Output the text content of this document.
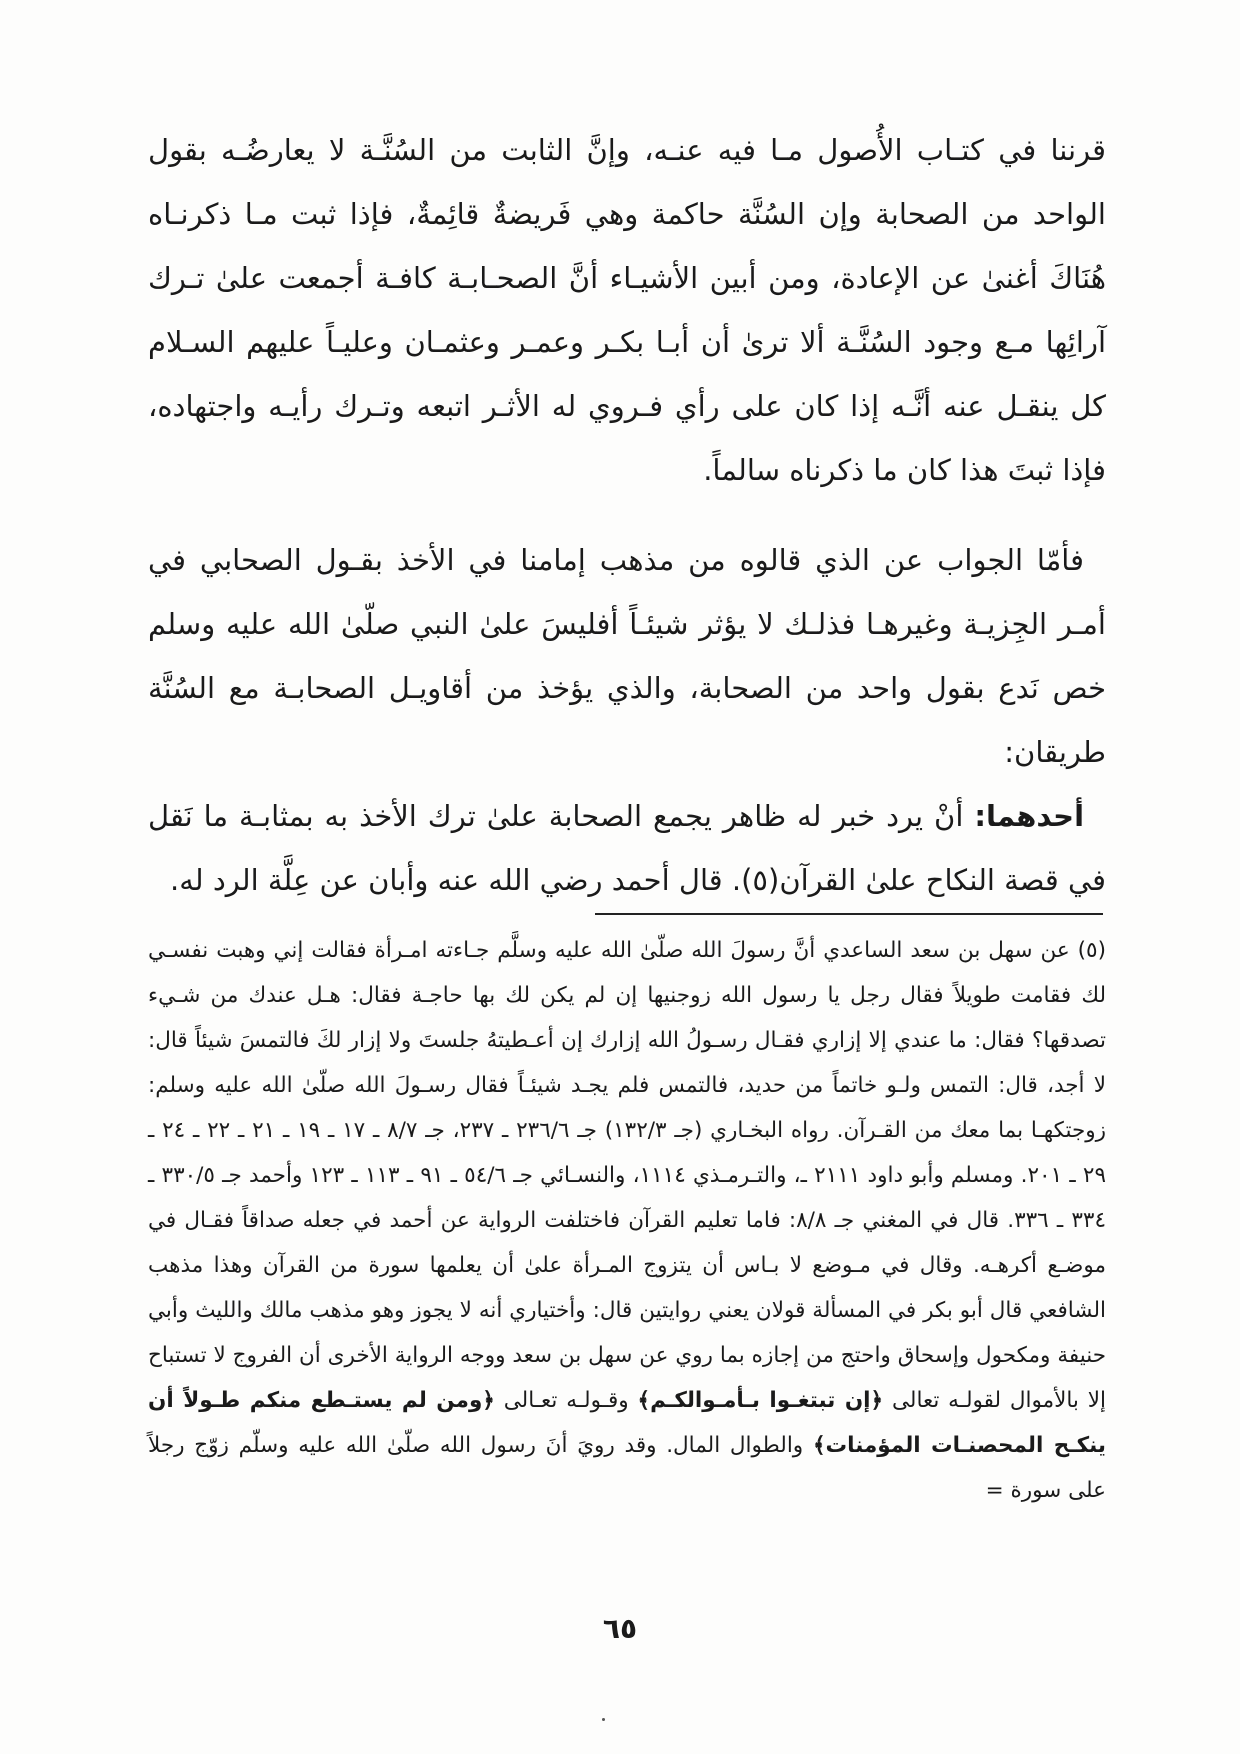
قرننا في كتـاب الأُصول مـا فيه عنـه، وإنَّ الثابت من السُنَّـة لا يعارضُـه بقول الواحد من الصحابة وإن السُنَّة حاكمة وهي فَريضةٌ قائِمةٌ، فإذا ثبت مـا ذكرنـاه هُنَاكَ أغنىٰ عن الإعادة، ومن أبين الأشيـاء أنَّ الصحـابـة كافـة أجمعت علىٰ تـرك آرائِها مـع وجود السُنَّـة ألا ترىٰ أن أبـا بكـر وعمـر وعثمـان وعليـاً عليهم السـلام كل ينقـل عنه أنَّـه إذا كان على رأي فـروي له الأثـر اتبعه وتـرك رأيـه واجتهاده، فإذا ثبتَ هذا كان ما ذكرناه سالماً.

فأمّا الجواب عن الذي قالوه من مذهب إمامنا في الأخذ بقـول الصحابي في أمـر الجِزيـة وغيرهـا فذلـك لا يؤثر شيئـاً أفليسَ علىٰ النبي صلّىٰ الله عليه وسلم خص نَدع بقول واحد من الصحابة، والذي يؤخذ من أقاويـل الصحابـة مع السُنَّة طريقان:

أحدهما: أنْ يرد خبر له ظاهر يجمع الصحابة علىٰ ترك الأخذ به بمثابـة ما نَقل في قصة النكاح علىٰ القرآن(٥). قال أحمد رضي الله عنه وأبان عن عِلَّة الرد له.

(٥)عن سهل بن سعد الساعدي أنَّ رسولَ الله صلّىٰ الله عليه وسلَّم جـاءته امـرأة فقالت إني وهبت نفسـي لك فقامت طويلاً فقال رجل يا رسول الله زوجنيها إن لم يكن لك بها حاجـة فقال: هـل عندك من شـيء تصدقها؟ فقال: ما عندي إلا إزاري فقـال رسـولُ الله إزارك إن أعـطيتهُ جلستَ ولا إزار لكَ فالتمسَ شيئاً قال: لا أجد، قال: التمس ولـو خاتماً من حديد، فالتمس فلم يجـد شيئـاً فقال رسـولَ الله صلّىٰ الله عليه وسلم: زوجتكهـا بما معك من القـرآن. رواه البخـاري (جـ ١٣٢/٣) جـ ٢٣٦/٦ ـ ٢٣٧، جـ ٨/٧ ـ ١٧ ـ ١٩ ـ ٢١ ـ ٢٢ ـ ٢٤ ـ ٢٩ ـ ٢٠١. ومسلم وأبو داود ٢١١١ ـ، والتـرمـذي ١١١٤، والنسـائي جـ ٥٤/٦ ـ ٩١ ـ ١١٣ ـ ١٢٣ وأحمد جـ ٣٣٠/٥ ـ ٣٣٤ ـ ٣٣٦. قال في المغني جـ ٨/٨: فاما تعليم القرآن فاختلفت الرواية عن أحمد في جعله صداقاً فقـال في موضـع أكرهـه. وقال في مـوضع لا بـاس أن يتزوج المـرأة علىٰ أن يعلمها سورة من القرآن وهذا مذهب الشافعي قال أبو بكر في المسألة قولان يعني روايتين قال: وأختياري أنه لا يجوز وهو مذهب مالك والليث وأبي حنيفة ومكحول وإسحاق واحتج من إجازه بما روي عن سهل بن سعد ووجه الرواية الأخرى أن الفروج لا تستباح إلا بالأموال لقولـه تعالى ﴿إن تبتغـوا بـأمـوالكـم﴾ وقـولـه تعـالى ﴿ومن لم يستـطع منكم طـولاً أن ينكـح المحصنـات المؤمنات﴾ والطوال المال. وقد رويَ أنَ رسول الله صلّىٰ الله عليه وسلّم زوّج رجلاً على سورة =

٦٥
